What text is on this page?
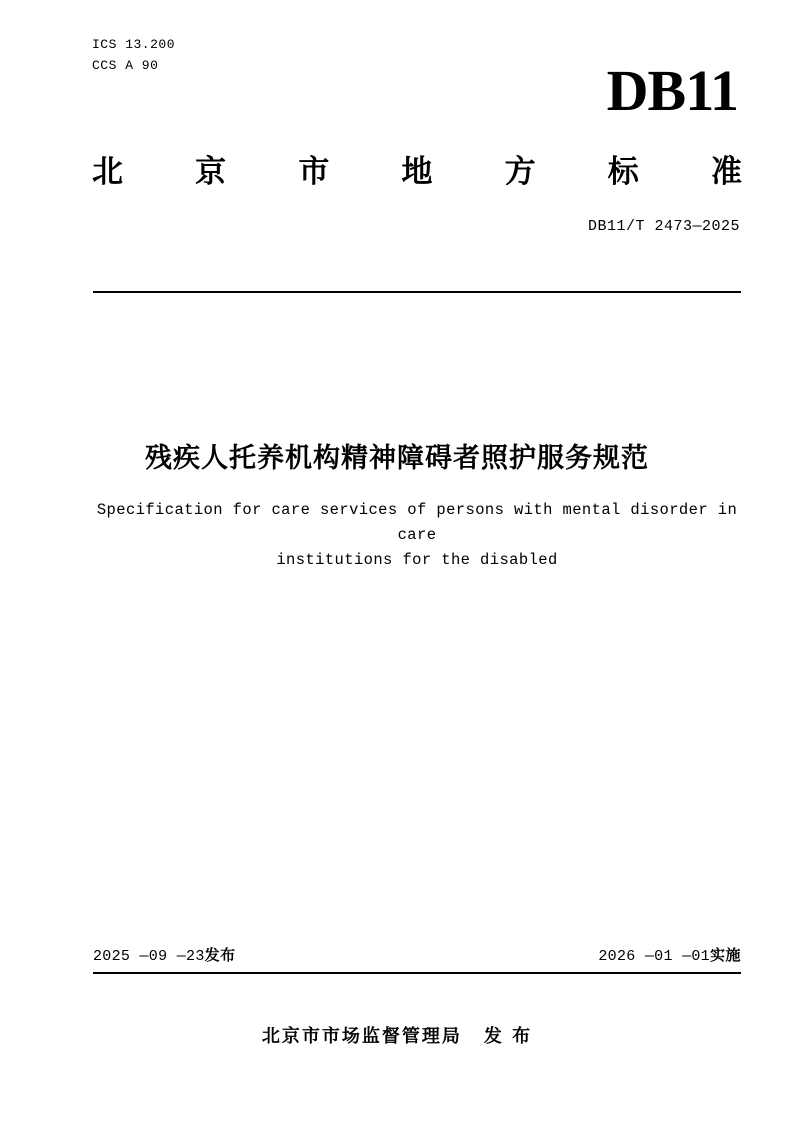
ICS 13.200
CCS A 90	DB11
北 京 市 地 方 标 准
DB11/T 2473—2025
残疾人托养机构精神障碍者照护服务规范
Specification for care services of persons with mental disorder in care
institutions for the disabled
2025 —09 —23发布	2026 —01 —01实施
北京市市场监督管理局 发 布
